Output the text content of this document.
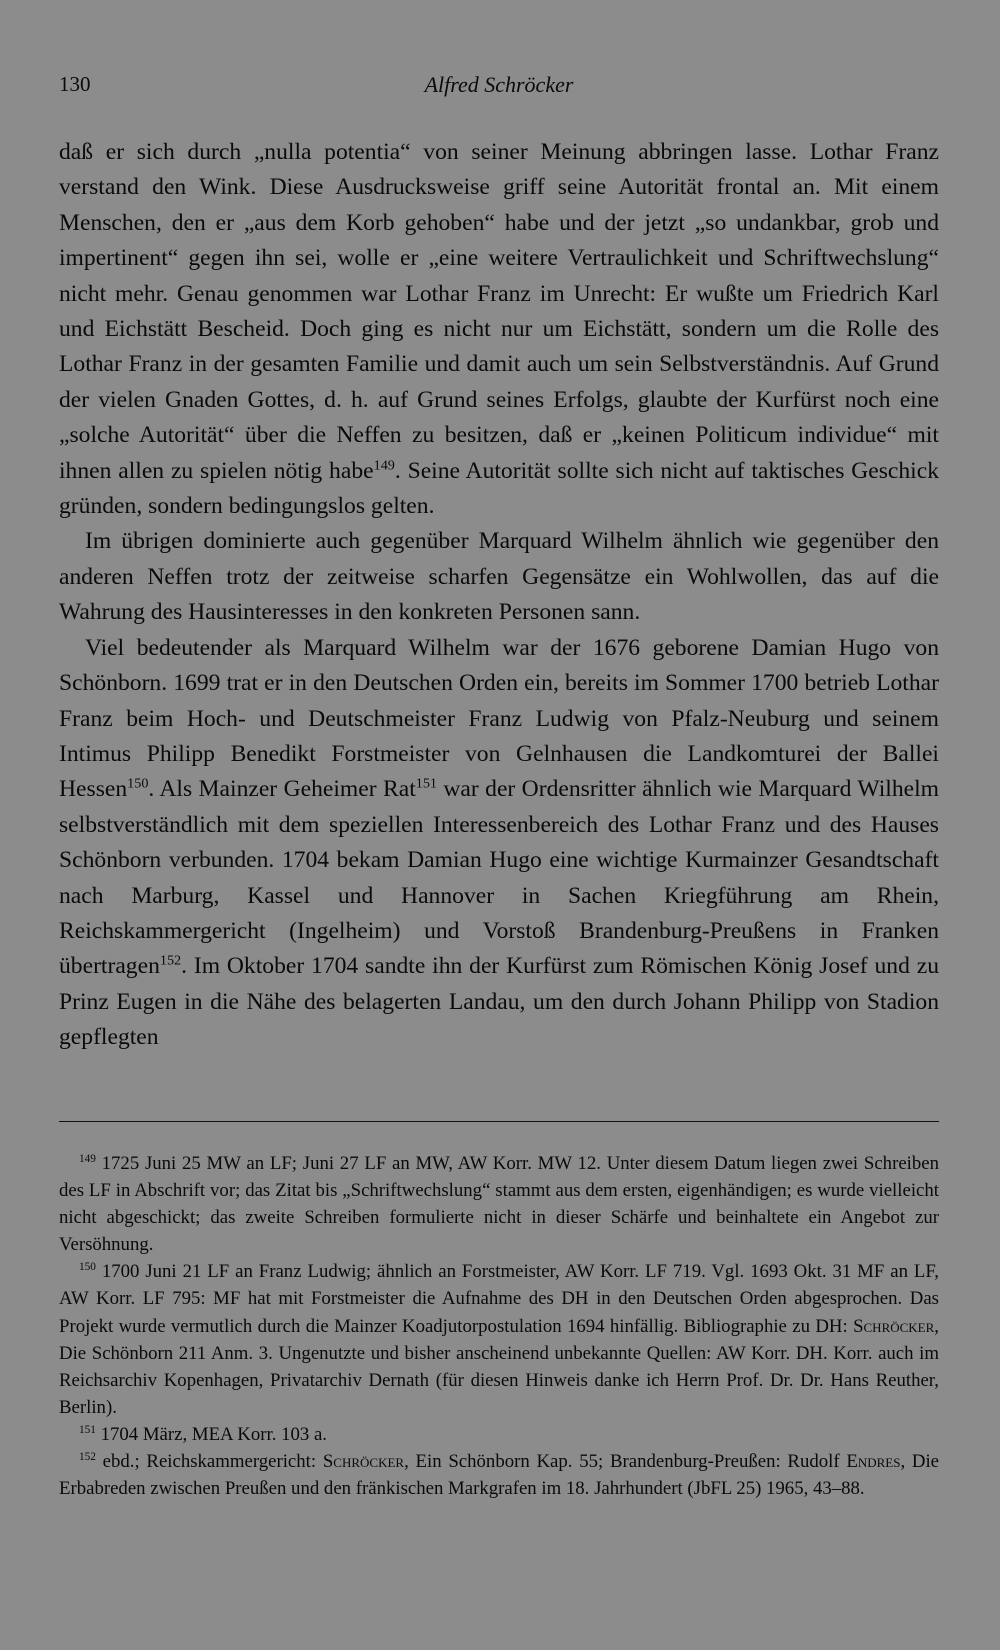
130	Alfred Schröcker

daß er sich durch „nulla potentia“ von seiner Meinung abbringen lasse. Lothar Franz verstand den Wink. Diese Ausdrucksweise griff seine Autorität frontal an. Mit einem Menschen, den er „aus dem Korb gehoben“ habe und der jetzt „so undankbar, grob und impertinent“ gegen ihn sei, wolle er „eine weitere Vertraulichkeit und Schriftwechslung“ nicht mehr. Genau genommen war Lothar Franz im Unrecht: Er wußte um Friedrich Karl und Eichstätt Bescheid. Doch ging es nicht nur um Eichstätt, sondern um die Rolle des Lothar Franz in der gesamten Familie und damit auch um sein Selbstverständnis. Auf Grund der vielen Gnaden Gottes, d. h. auf Grund seines Erfolgs, glaubte der Kurfürst noch eine „solche Autorität“ über die Neffen zu besitzen, daß er „keinen Politicum individue“ mit ihnen allen zu spielen nötig habe$^{149}$. Seine Autorität sollte sich nicht auf taktisches Geschick gründen, sondern bedingungslos gelten.

Im übrigen dominierte auch gegenüber Marquard Wilhelm ähnlich wie gegenüber den anderen Neffen trotz der zeitweise scharfen Gegensätze ein Wohlwollen, das auf die Wahrung des Hausinteresses in den konkreten Personen sann.

Viel bedeutender als Marquard Wilhelm war der 1676 geborene Damian Hugo von Schönborn. 1699 trat er in den Deutschen Orden ein, bereits im Sommer 1700 betrieb Lothar Franz beim Hoch- und Deutschmeister Franz Ludwig von Pfalz-Neuburg und seinem Intimus Philipp Benedikt Forstmeister von Gelnhausen die Landkomturei der Ballei Hessen$^{150}$. Als Mainzer Geheimer Rat$^{151}$ war der Ordensritter ähnlich wie Marquard Wilhelm selbstverständlich mit dem speziellen Interessenbereich des Lothar Franz und des Hauses Schönborn verbunden. 1704 bekam Damian Hugo eine wichtige Kurmainzer Gesandtschaft nach Marburg, Kassel und Hannover in Sachen Kriegführung am Rhein, Reichskammergericht (Ingelheim) und Vorstoß Brandenburg-Preußens in Franken übertragen$^{152}$. Im Oktober 1704 sandte ihn der Kurfürst zum Römischen König Josef und zu Prinz Eugen in die Nähe des belagerten Landau, um den durch Johann Philipp von Stadion gepflegten

$^{149}$ 1725 Juni 25 MW an LF; Juni 27 LF an MW, AW Korr. MW 12. Unter diesem Datum liegen zwei Schreiben des LF in Abschrift vor; das Zitat bis „Schriftwechslung“ stammt aus dem ersten, eigenhändigen; es wurde vielleicht nicht abgeschickt; das zweite Schreiben formulierte nicht in dieser Schärfe und beinhaltete ein Angebot zur Versöhnung.

$^{150}$ 1700 Juni 21 LF an Franz Ludwig; ähnlich an Forstmeister, AW Korr. LF 719. Vgl. 1693 Okt. 31 MF an LF, AW Korr. LF 795: MF hat mit Forstmeister die Aufnahme des DH in den Deutschen Orden abgesprochen. Das Projekt wurde vermutlich durch die Mainzer Koadjutorpostulation 1694 hinfällig. Bibliographie zu DH: Schröcker, Die Schönborn 211 Anm. 3. Ungenutzte und bisher anscheinend unbekannte Quellen: AW Korr. DH. Korr. auch im Reichsarchiv Kopenhagen, Privatarchiv Dernath (für diesen Hinweis danke ich Herrn Prof. Dr. Dr. Hans Reuther, Berlin).

$^{151}$ 1704 März, MEA Korr. 103 a.

$^{152}$ ebd.; Reichskammergericht: Schröcker, Ein Schönborn Kap. 55; Brandenburg-Preußen: Rudolf Endres, Die Erbabreden zwischen Preußen und den fränkischen Markgrafen im 18. Jahrhundert (JbFL 25) 1965, 43–88.
